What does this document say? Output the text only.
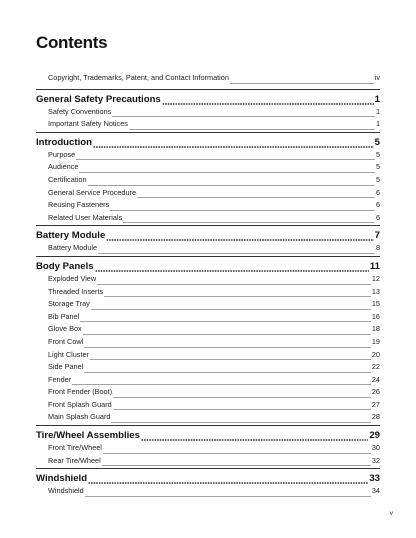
Contents
Copyright, Trademarks, Patent, and Contact Information	iv
General Safety Precautions	1
Safety Conventions	1
Important Safety Notices	1
Introduction	5
Purpose	5
Audience	5
Certification	5
General Service Procedure	6
Reusing Fasteners	6
Related User Materials	6
Battery Module	7
Battery Module	8
Body Panels	11
Exploded View	12
Threaded Inserts	13
Storage Tray	15
Bib Panel	16
Glove Box	18
Front Cowl	19
Light Cluster	20
Side Panel	22
Fender	24
Front Fender (Boot)	26
Front Splash Guard	27
Main Splash Guard	28
Tire/Wheel Assemblies	29
Front Tire/Wheel	30
Rear Tire/Wheel	32
Windshield	33
Windshield	34
v
